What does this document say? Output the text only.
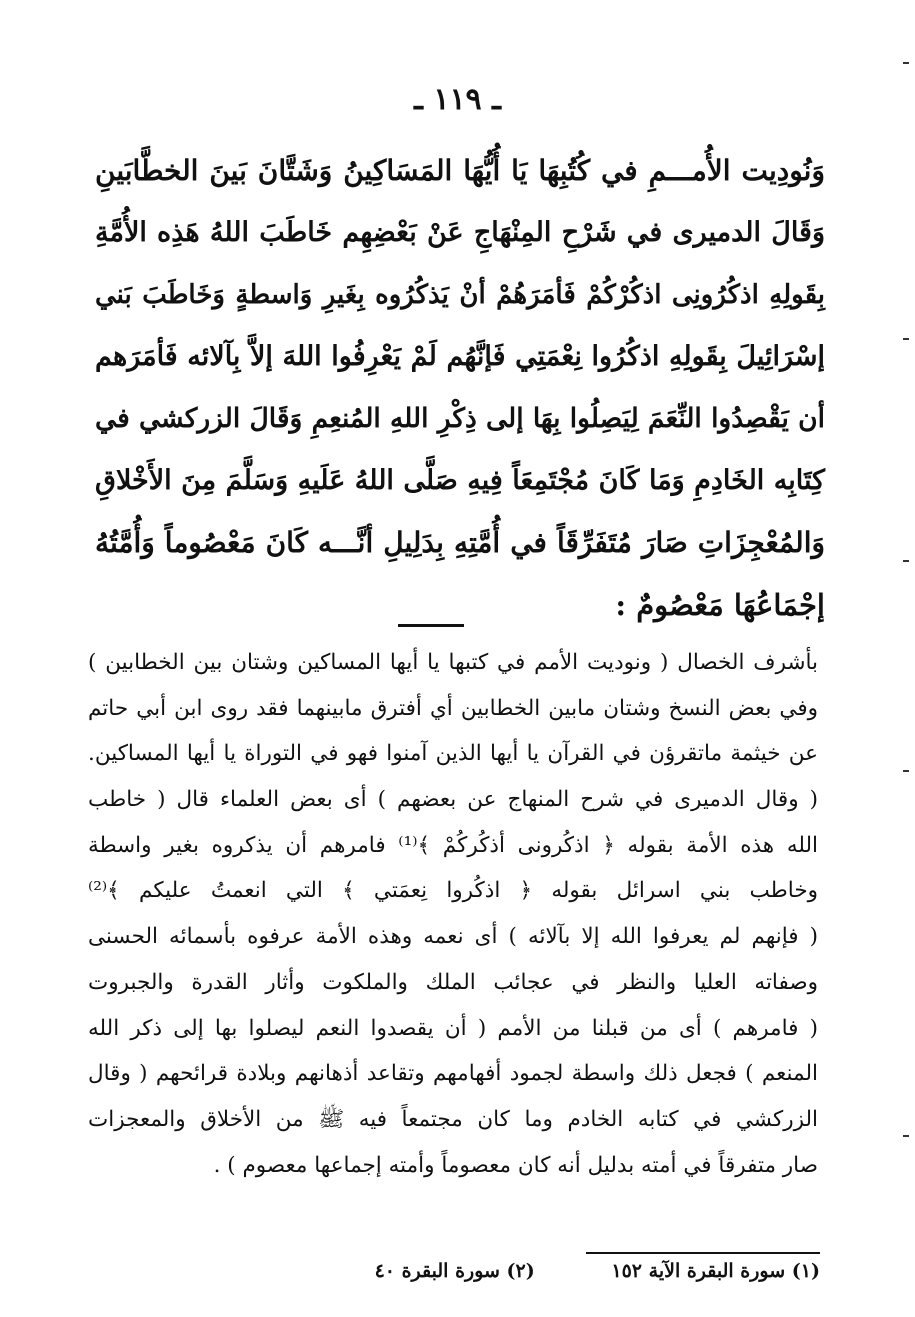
ـ ١١٩ ـ
وَنُودِيت الأُمـــمِ في كُتُبِهَا يَا أُيُّهَا المَسَاكِينُ وَشَتَّانَ بَينَ الخطَّابَينِ
وَقَالَ الدميرى في شَرْحِ المِنْهَاجِ عَنْ بَعْضِهِم خَاطَبَ اللهُ هَذِه الأُمَّةِ
بِقَولِهِ اذكُرُونِى اذكُرْكُمْ فَأمَرَهُمْ أنْ يَذكُرُوه بِغَيرِ وَاسطةٍ وَخَاطَبَ بَني
إسْرَائِيلَ بِقَولِهِ اذكُرُوا نِعْمَتِي فَإنَّهُم لَمْ يَعْرِفُوا اللهَ إلاَّ بِآلائه فَأمَرَهم
أن يَقْصِدُوا النِّعَمَ لِيَصِلُوا بِهَا إلى ذِكْرِ اللهِ المُنعِمِ وَقَالَ الزركشي في
كِتَابِه الخَادِمِ وَمَا كَانَ مُجْتَمِعَاً فِيهِ صَلَّى اللهُ عَلَيهِ وَسَلَّمَ مِنَ الأَخْلاقِ
وَالمُعْجِزَاتِ صَارَ مُتَفَرِّقَاً في أُمَّتِهِ بِدَلِيلِ أنَّـــه كَانَ مَعْصُوماً وَأُمَّتُهُ
إجْمَاعُهَا مَعْصُومٌ :
بأشرف الخصال ( ونوديت الأمم في كتبها يا أيها المساكين وشتان بين الخطابين )
وفي بعض النسخ وشتان مابين الخطابين أي أفترق مابينهما فقد روى ابن أبي حاتم
عن خيثمة ماتقرؤن في القرآن يا أيها الذين آمنوا فهو في التوراة يا أيها المساكين.
( وقال الدميرى في شرح المنهاج عن بعضهم ) أى بعض العلماء قال ( خاطب
الله هذه الأمة بقوله ﴿ اذكُرونى أذكُركُمْ ﴾⁽¹⁾ فامرهم أن يذكروه بغير واسطة
وخاطب بني اسرائل بقوله ﴿ اذكُروا نِعمَتي ﴾ التي انعمتُ عليكم ﴾⁽²⁾
( فإنهم لم يعرفوا الله إلا بآلائه ) أى نعمه وهذه الأمة عرفوه بأسمائه الحسنى
وصفاته العليا والنظر في عجائب الملك والملكوت وأثار القدرة والجبروت
( فامرهم ) أى من قبلنا من الأمم ( أن يقصدوا النعم ليصلوا بها إلى ذكر الله
المنعم ) فجعل ذلك واسطة لجمود أفهامهم وتقاعد أذهانهم وبلادة قرائحهم ( وقال
الزركشي في كتابه الخادم وما كان مجتمعاً فيه ﷺ من الأخلاق والمعجزات
صار متفرقاً في أمته بدليل أنه كان معصوماً وأمته إجماعها معصوم ) .
(١) سورة البقرة الآية ١٥٢ (٢) سورة البقرة ٤٠
